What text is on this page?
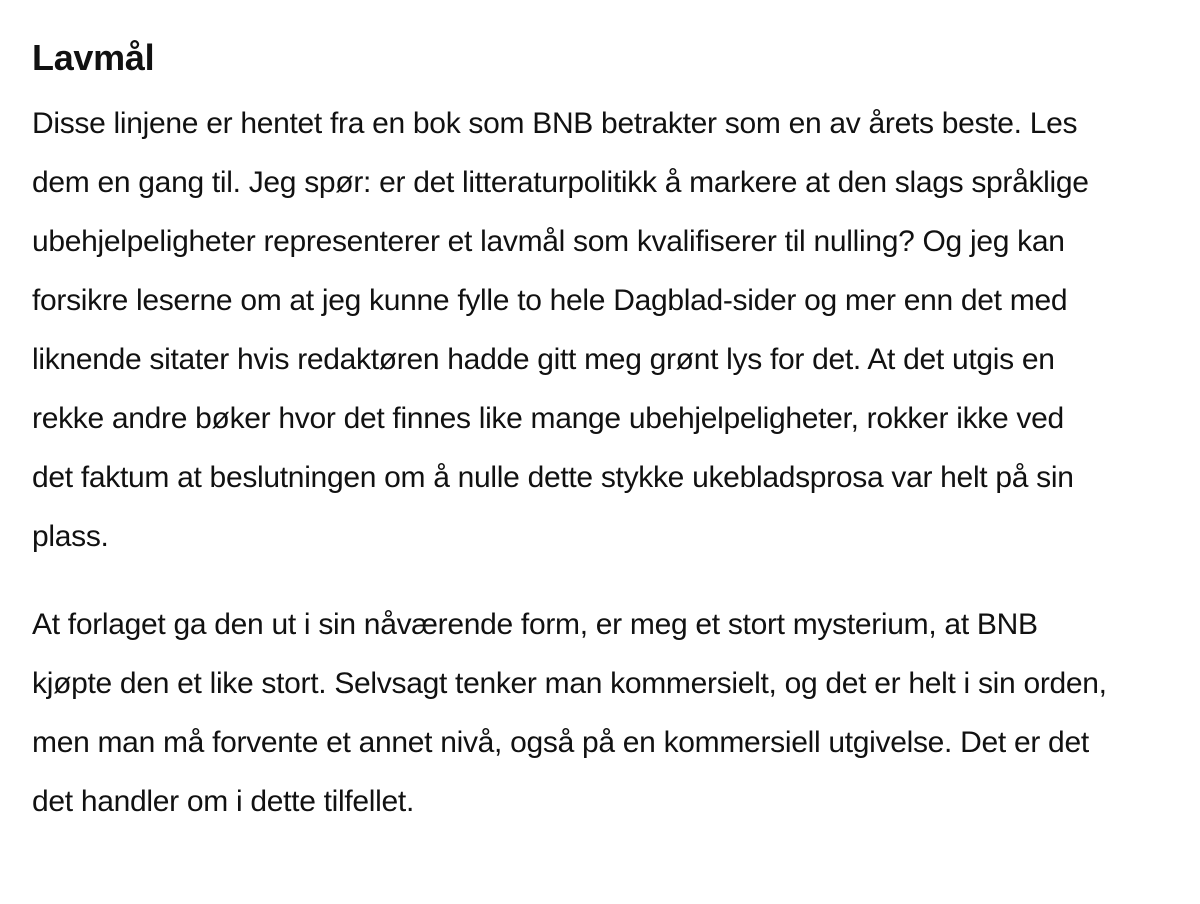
Lavmål

Disse linjene er hentet fra en bok som BNB betrakter som en av årets beste. Les dem en gang til. Jeg spør: er det litteraturpolitikk å markere at den slags språklige ubehjelpeligheter representerer et lavmål som kvalifiserer til nulling? Og jeg kan forsikre leserne om at jeg kunne fylle to hele Dagblad-sider og mer enn det med liknende sitater hvis redaktøren hadde gitt meg grønt lys for det. At det utgis en rekke andre bøker hvor det finnes like mange ubehjelpeligheter, rokker ikke ved det faktum at beslutningen om å nulle dette stykke ukebladsprosa var helt på sin plass.

At forlaget ga den ut i sin nåværende form, er meg et stort mysterium, at BNB kjøpte den et like stort. Selvsagt tenker man kommersielt, og det er helt i sin orden, men man må forvente et annet nivå, også på en kommersiell utgivelse. Det er det det handler om i dette tilfellet.
